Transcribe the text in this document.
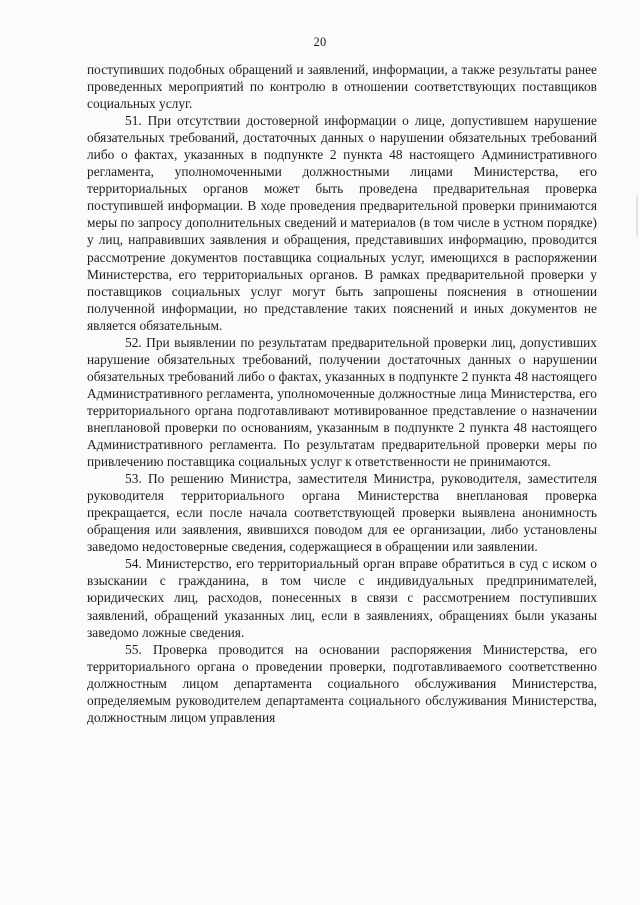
20

поступивших подобных обращений и заявлений, информации, а также результаты ранее проведенных мероприятий по контролю в отношении соответствующих поставщиков социальных услуг.

51. При отсутствии достоверной информации о лице, допустившем нарушение обязательных требований, достаточных данных о нарушении обязательных требований либо о фактах, указанных в подпункте 2 пункта 48 настоящего Административного регламента, уполномоченными должностными лицами Министерства, его территориальных органов может быть проведена предварительная проверка поступившей информации. В ходе проведения предварительной проверки принимаются меры по запросу дополнительных сведений и материалов (в том числе в устном порядке) у лиц, направивших заявления и обращения, представивших информацию, проводится рассмотрение документов поставщика социальных услуг, имеющихся в распоряжении Министерства, его территориальных органов. В рамках предварительной проверки у поставщиков социальных услуг могут быть запрошены пояснения в отношении полученной информации, но представление таких пояснений и иных документов не является обязательным.

52. При выявлении по результатам предварительной проверки лиц, допустивших нарушение обязательных требований, получении достаточных данных о нарушении обязательных требований либо о фактах, указанных в подпункте 2 пункта 48 настоящего Административного регламента, уполномоченные должностные лица Министерства, его территориального органа подготавливают мотивированное представление о назначении внеплановой проверки по основаниям, указанным в подпункте 2 пункта 48 настоящего Административного регламента. По результатам предварительной проверки меры по привлечению поставщика социальных услуг к ответственности не принимаются.

53. По решению Министра, заместителя Министра, руководителя, заместителя руководителя территориального органа Министерства внеплановая проверка прекращается, если после начала соответствующей проверки выявлена анонимность обращения или заявления, явившихся поводом для ее организации, либо установлены заведомо недостоверные сведения, содержащиеся в обращении или заявлении.

54. Министерство, его территориальный орган вправе обратиться в суд с иском о взыскании с гражданина, в том числе с индивидуальных предпринимателей, юридических лиц, расходов, понесенных в связи с рассмотрением поступивших заявлений, обращений указанных лиц, если в заявлениях, обращениях были указаны заведомо ложные сведения.

55. Проверка проводится на основании распоряжения Министерства, его территориального органа о проведении проверки, подготавливаемого соответственно должностным лицом департамента социального обслуживания Министерства, определяемым руководителем департамента социального обслуживания Министерства, должностным лицом управления
